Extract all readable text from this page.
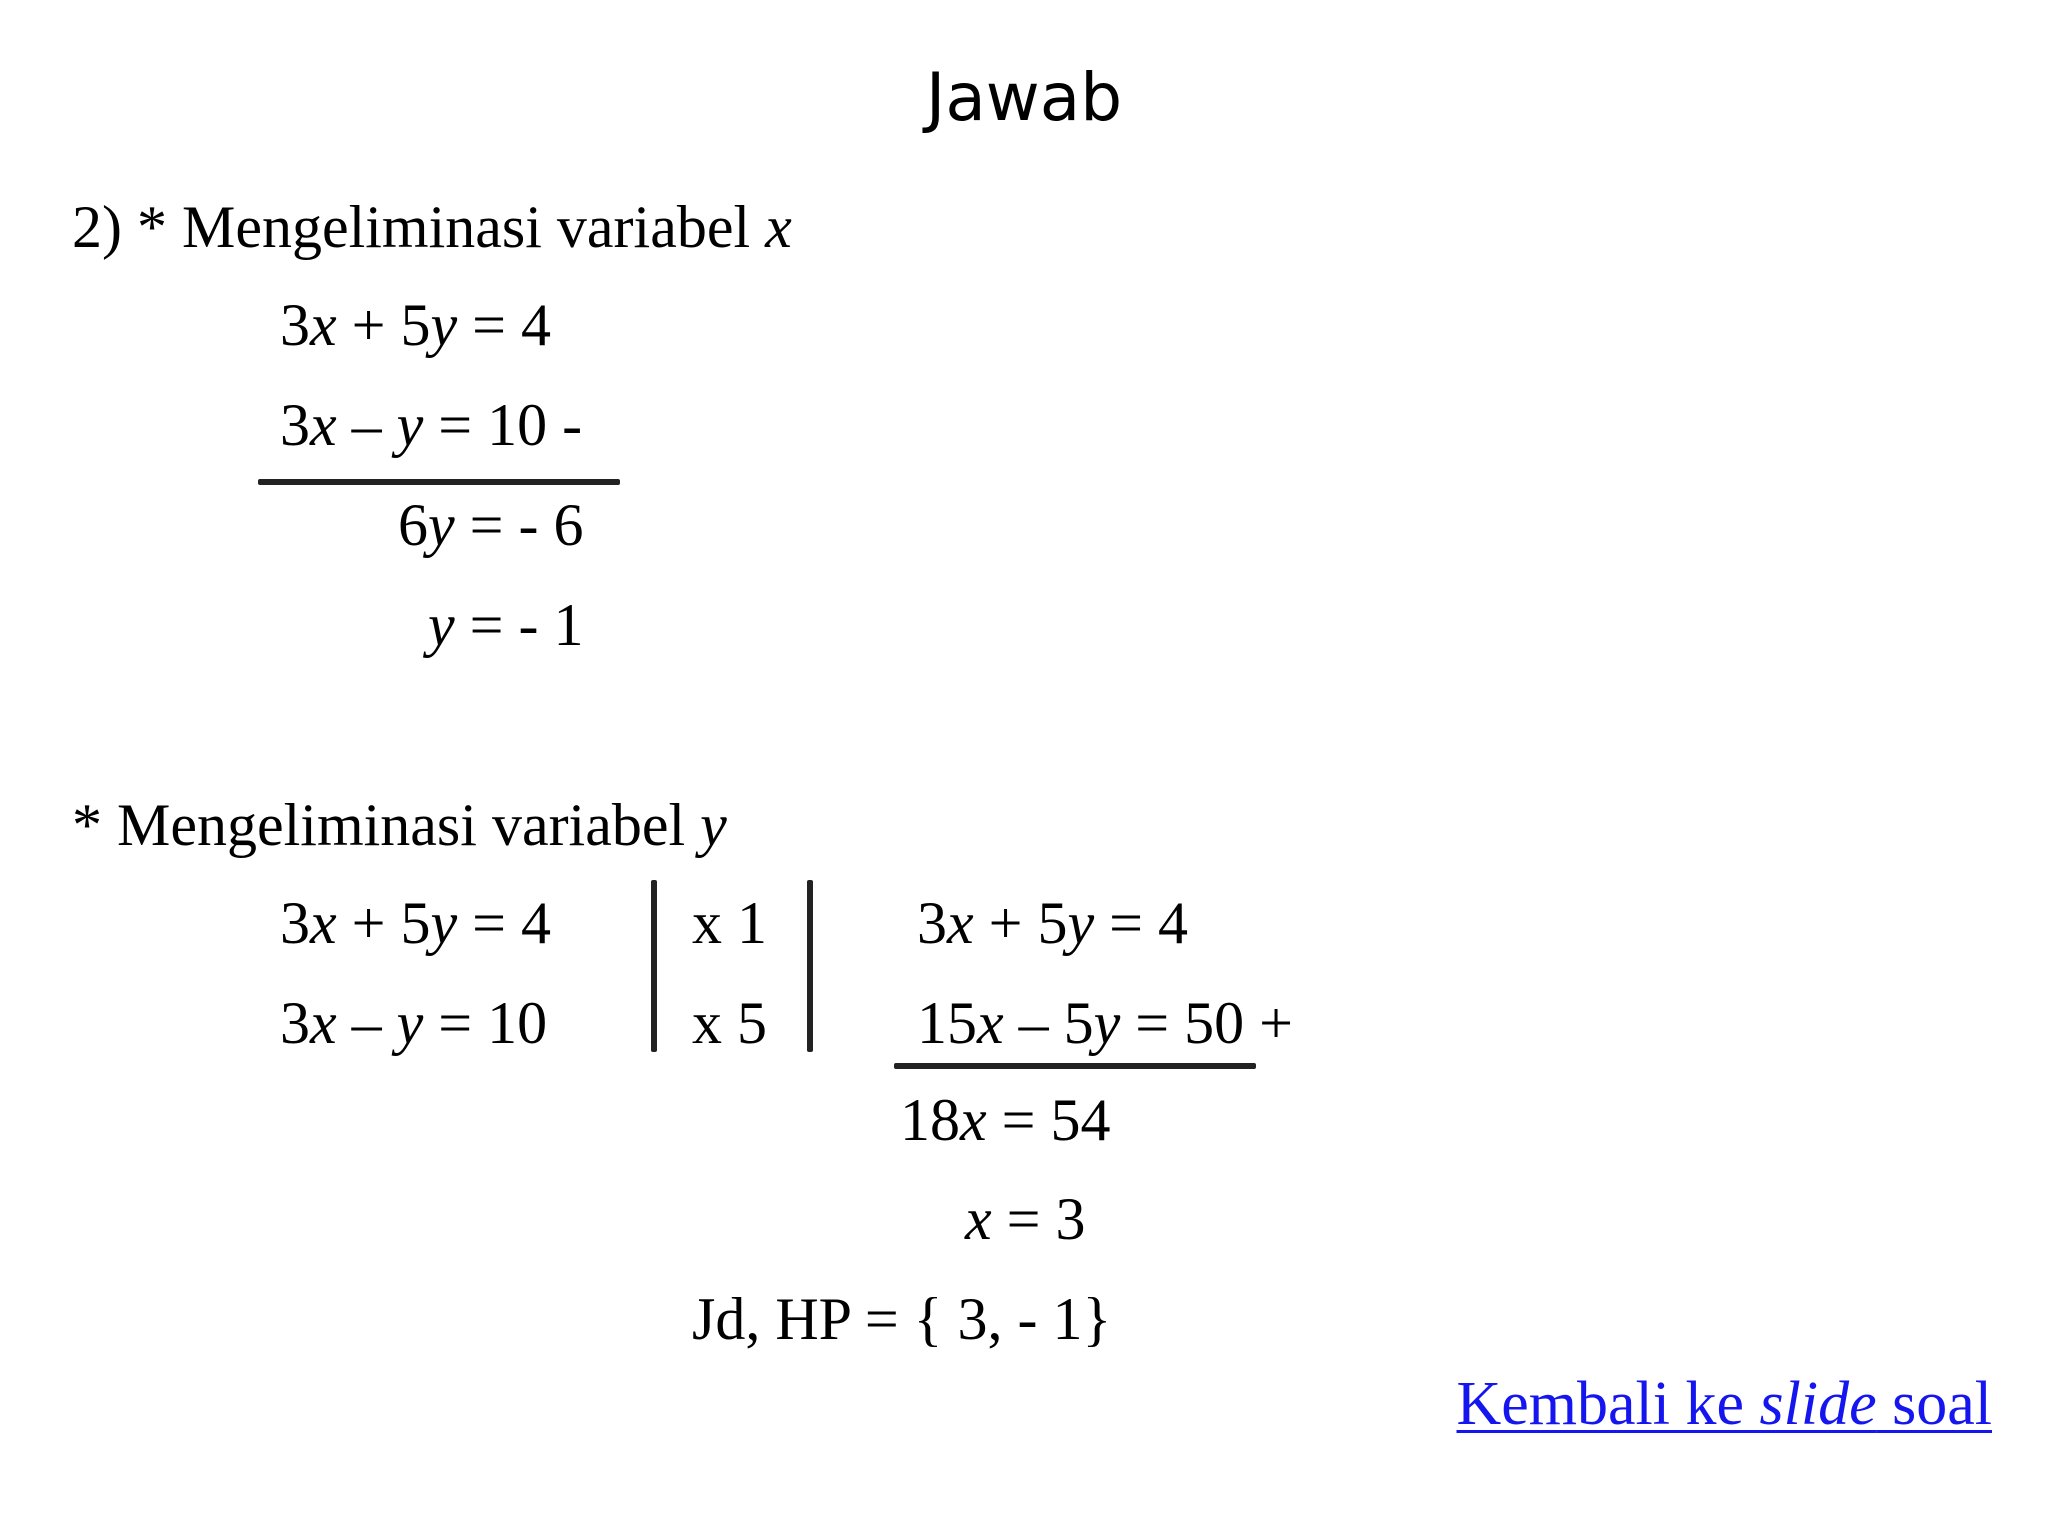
Jawab
2) * Mengeliminasi variabel x
3x + 5y = 4
3x – y = 10 -
6y = - 6
y = - 1
* Mengeliminasi variabel y
3x + 5y = 4
3x – y = 10
x 1
x 5
3x + 5y = 4
15x – 5y = 50 +
18x = 54
x = 3
Jd, HP = { 3, - 1}
Kembali ke slide soal
